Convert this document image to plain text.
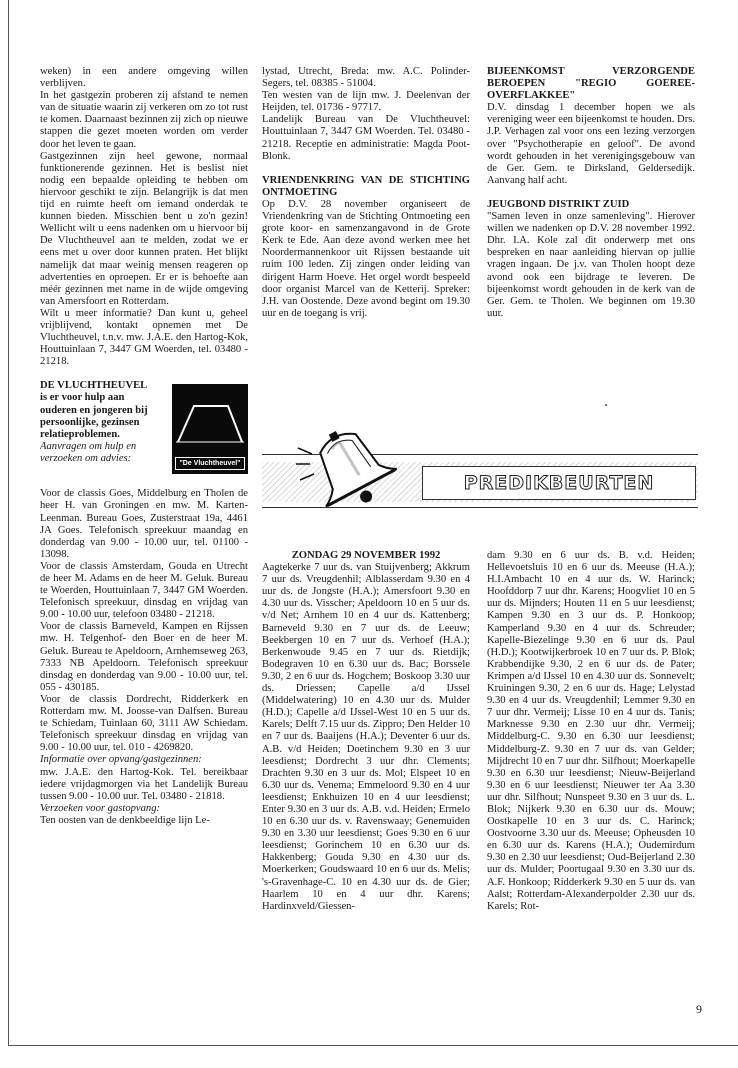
weken) in een andere omgeving willen verblijven.

In het gastgezin proberen zij afstand te nemen van de situatie waarin zij verkeren om zo tot rust te komen. Daarnaast bezinnen zij zich op nieuwe stappen die gezet moeten worden om verder door het leven te gaan.

Gastgezinnen zijn heel gewone, normaal funktionerende gezinnen. Het is beslist niet nodig een bepaalde opleiding te hebben om hiervoor geschikt te zijn. Belangrijk is dat men tijd en ruimte heeft om iemand onderdak te kunnen bieden. Misschien bent u zo'n gezin! Wellicht wilt u eens nadenken om u hiervoor bij De Vluchtheuvel aan te melden, zodat we er eens met u over door kunnen praten. Het blijkt namelijk dat maar weinig mensen reageren op advertenties en oproepen. Er er is behoefte aan méér gezinnen met name in de wijde omgeving van Amersfoort en Rotterdam.

Wilt u meer informatie? Dan kunt u, geheel vrijblijvend, kontakt opnemen met De Vluchtheuvel, t.n.v. mw. J.A.E. den Hartog-Kok, Houttuinlaan 7, 3447 GM Woerden, tel. 03480 - 21218.

DE VLUCHTHEUVEL
is er voor hulp aan ouderen en jongeren bij persoonlijke, gezinsen relatieproblemen.
Aanvragen om hulp en verzoeken om advies:	"De Vluchtheuvel"

Voor de classis Goes, Middelburg en Tholen de heer H. van Groningen en mw. M. Karten-Leenman. Bureau Goes, Zusterstraat 19a, 4461 JA Goes. Telefonisch spreekuur maandag en donderdag van 9.00 - 10.00 uur, tel. 01100 - 13098.

Voor de classis Amsterdam, Gouda en Utrecht de heer M. Adams en de heer M. Geluk. Bureau te Woerden, Houttuinlaan 7, 3447 GM Woerden. Telefonisch spreekuur, dinsdag en vrijdag van 9.00 - 10.00 uur, telefoon 03480 - 21218.

Voor de classis Barneveld, Kampen en Rijssen mw. H. Telgenhof- den Boer en de heer M. Geluk. Bureau te Apeldoorn, Arnhemseweg 263, 7333 NB Apeldoorn. Telefonisch spreekuur dinsdag en donderdag van 9.00 - 10.00 uur, tel. 055 - 430185.

Voor de classis Dordrecht, Ridderkerk en Rotterdam mw. M. Joosse-van Dalfsen. Bureau te Schiedam, Tuinlaan 60, 3111 AW Schiedam. Telefonisch spreekuur dinsdag en vrijdag van 9.00 - 10.00 uur, tel. 010 - 4269820.

Informatie over opvang/gastgezinnen:

mw. J.A.E. den Hartog-Kok. Tel. bereikbaar iedere vrijdagmorgen via het Landelijk Bureau tussen 9.00 - 10.00 uur. Tel. 03480 - 21818.

Verzoeken voor gastopvang:

Ten oosten van de denkbeeldige lijn Le-

lystad, Utrecht, Breda: mw. A.C. Polinder-Segers, tel. 08385 - 51004.

Ten westen van de lijn mw. J. Deelenvan der Heijden, tel. 01736 - 97717.

Landelijk Bureau van De Vluchtheuvel: Houttuinlaan 7, 3447 GM Woerden. Tel. 03480 - 21218. Receptie en administratie: Magda Poot-Blonk.

VRIENDENKRING VAN DE STICHTING ONTMOETING

Op D.V. 28 november organiseert de Vriendenkring van de Stichting Ontmoeting een grote koor- en samenzangavond in de Grote Kerk te Ede. Aan deze avond werken mee het Noordermannenkoor uit Rijssen bestaande uit ruim 100 leden. Zij zingen onder leiding van dirigent Harm Hoeve. Het orgel wordt bespeeld door organist Marcel van de Ketterij. Spreker: J.H. van Oostende. Deze avond begint om 19.30 uur en de toegang is vrij.

BIJEENKOMST VERZORGENDE BEROEPEN "REGIO GOEREE-OVERFLAKKEE"

D.V. dinsdag 1 december hopen we als vereniging weer een bijeenkomst te houden. Drs. J.P. Verhagen zal voor ons een lezing verzorgen over "Psychotherapie en geloof". De avond wordt gehouden in het verenigingsgebouw van de Ger. Gem. te Dirksland, Geldersedijk. Aanvang half acht.

JEUGBOND DISTRIKT ZUID

"Samen leven in onze samenleving". Hierover willen we nadenken op D.V. 28 november 1992. Dhr. I.A. Kole zal dit onderwerp met ons bespreken en naar aanleiding hiervan op jullie vragen ingaan. De j.v. van Tholen hoopt deze avond ook een bijdrage te leveren. De bijeenkomst wordt gehouden in de kerk van de Ger. Gem. te Tholen. We beginnen om 19.30 uur.

PREDIKBEURTEN

ZONDAG 29 NOVEMBER 1992

Aagtekerke 7 uur ds. van Stuijvenberg; Akkrum 7 uur ds. Vreugdenhil; Alblasserdam 9.30 en 4 uur ds. de Jongste (H.A.); Amersfoort 9.30 en 4.30 uur ds. Visscher; Apeldoorn 10 en 5 uur ds. v/d Net; Arnhem 10 en 4 uur ds. Kattenberg; Barneveld 9.30 en 7 uur ds. de Leeuw; Beekbergen 10 en 7 uur ds. Verhoef (H.A.); Berkenwoude 9.45 en 7 uur ds. Rietdijk; Bodegraven 10 en 6.30 uur ds. Bac; Borssele 9.30, 2 en 6 uur ds. Hogchem; Boskoop 3.30 uur ds. Driessen; Capelle a/d IJssel (Middelwatering) 10 en 4.30 uur ds. Mulder (H.D.); Capelle a/d IJssel-West 10 en 5 uur ds. Karels; Delft 7.15 uur ds. Zippro; Den Helder 10 en 7 uur ds. Baaijens (H.A.); Deventer 6 uur ds. A.B. v/d Heiden; Doetinchem 9.30 en 3 uur leesdienst; Dordrecht 3 uur dhr. Clements; Drachten 9.30 en 3 uur ds. Mol; Elspeet 10 en 6.30 uur ds. Venema; Emmeloord 9.30 en 4 uur leesdienst; Enkhuizen 10 en 4 uur leesdienst; Enter 9.30 en 3 uur ds. A.B. v.d. Heiden; Ermelo 10 en 6.30 uur ds. v. Ravenswaay; Genemuiden 9.30 en 3.30 uur leesdienst; Goes 9.30 en 6 uur leesdienst; Gorinchem 10 en 6.30 uur ds. Hakkenberg; Gouda 9.30 en 4.30 uur ds. Moerkerken; Goudswaard 10 en 6 uur ds. Melis; 's-Gravenhage-C. 10 en 4.30 uur ds. de Gier; Haarlem 10 en 4 uur dhr. Karens; Hardinxveld/Giessen-

dam 9.30 en 6 uur ds. B. v.d. Heiden; Hellevoetsluis 10 en 6 uur ds. Meeuse (H.A.); H.I.Ambacht 10 en 4 uur ds. W. Harinck; Hoofddorp 7 uur dhr. Karens; Hoogvliet 10 en 5 uur ds. Mijnders; Houten 11 en 5 uur leesdienst; Kampen 9.30 en 3 uur ds. P. Honkoop; Kamperland 9.30 en 4 uur ds. Schreuder; Kapelle-Biezelinge 9.30 en 6 uur ds. Paul (H.D.); Kootwijkerbroek 10 en 7 uur ds. P. Blok; Krabbendijke 9.30, 2 en 6 uur ds. de Pater; Krimpen a/d IJssel 10 en 4.30 uur ds. Sonnevelt; Kruiningen 9.30, 2 en 6 uur ds. Hage; Lelystad 9.30 en 4 uur ds. Vreugdenhil; Lemmer 9.30 en 7 uur dhr. Vermeij; Lisse 10 en 4 uur ds. Tanis; Marknesse 9.30 en 2.30 uur dhr. Vermeij; Middelburg-C. 9.30 en 6.30 uur leesdienst; Middelburg-Z. 9.30 en 7 uur ds. van Gelder; Mijdrecht 10 en 7 uur dhr. Silfhout; Moerkapelle 9.30 en 6.30 uur leesdienst; Nieuw-Beijerland 9.30 en 6 uur leesdienst; Nieuwer ter Aa 3.30 uur dhr. Silfhout; Nunspeet 9.30 en 3 uur ds. L. Blok; Nijkerk 9.30 en 6.30 uur ds. Mouw; Oostkapelle 10 en 3 uur ds. C. Harinck; Oostvoorne 3.30 uur ds. Meeuse; Opheusden 10 en 6.30 uur ds. Karens (H.A.); Oudemirdum 9.30 en 2.30 uur leesdienst; Oud-Beijerland 2.30 uur ds. Mulder; Poortugaal 9.30 en 3.30 uur ds. A.F. Honkoop; Ridderkerk 9.30 en 5 uur ds. van Aalst; Rotterdam-Alexanderpolder 2.30 uur ds. Karels; Rot-

9
